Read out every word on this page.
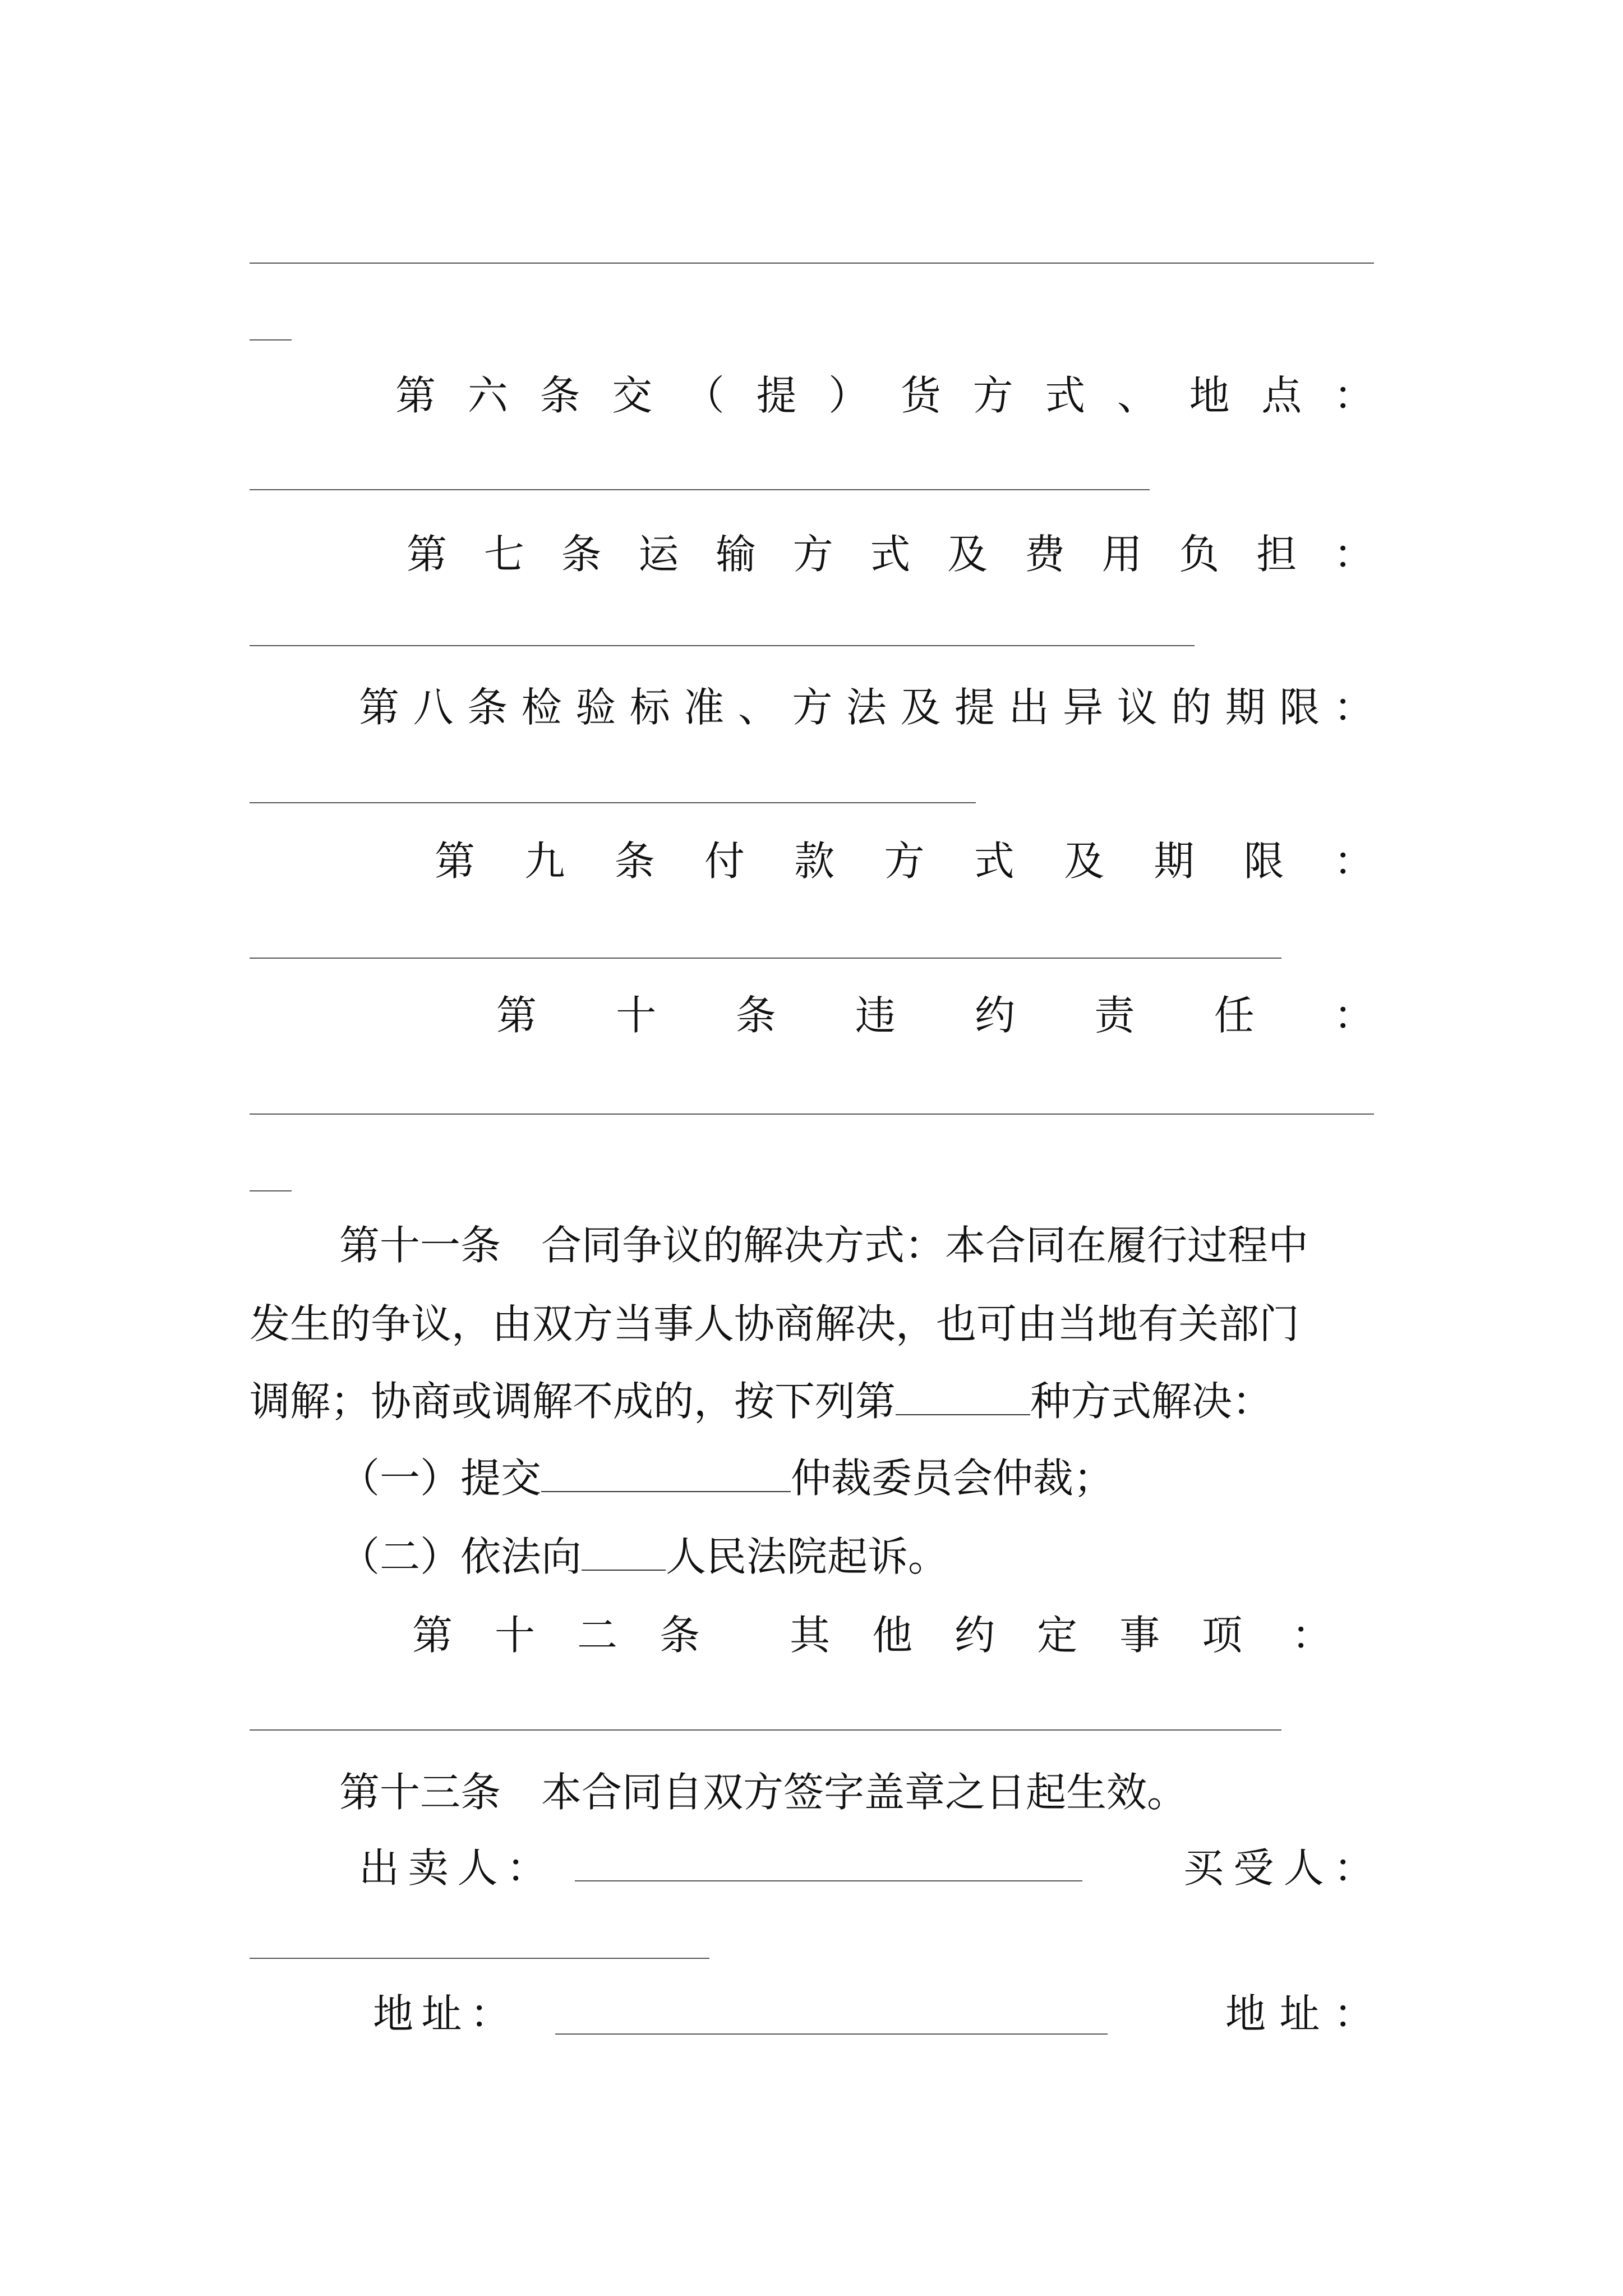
第 六 条 交 （ 提 ） 货 方 式 、 地 点 ：
第 七 条 运 输 方 式 及 费 用 负 担 ：
第 八 条 检 验 标 准 、 方 法 及 提 出 异 议 的 期 限 ：
第 九 条 付 款 方 式 及 期 限 ：
第 十 条 违 约 责 任 ：
第十一条　合同争议的解决方式：本合同在履行过程中
发生的争议，由双方当事人协商解决，也可由当地有关部门
调解；协商或调解不成的，按下列第	种方式解决：
（一）提交	仲裁委员会仲裁；
（二）依法向 人民法院起诉。
第 十 二 条 其 他 约 定 事 项 ：
第十三条　本合同自双方签字盖章之日起生效。
出 卖 人 ：	买 受 人 ：
地 址 ：	地 址 ：
